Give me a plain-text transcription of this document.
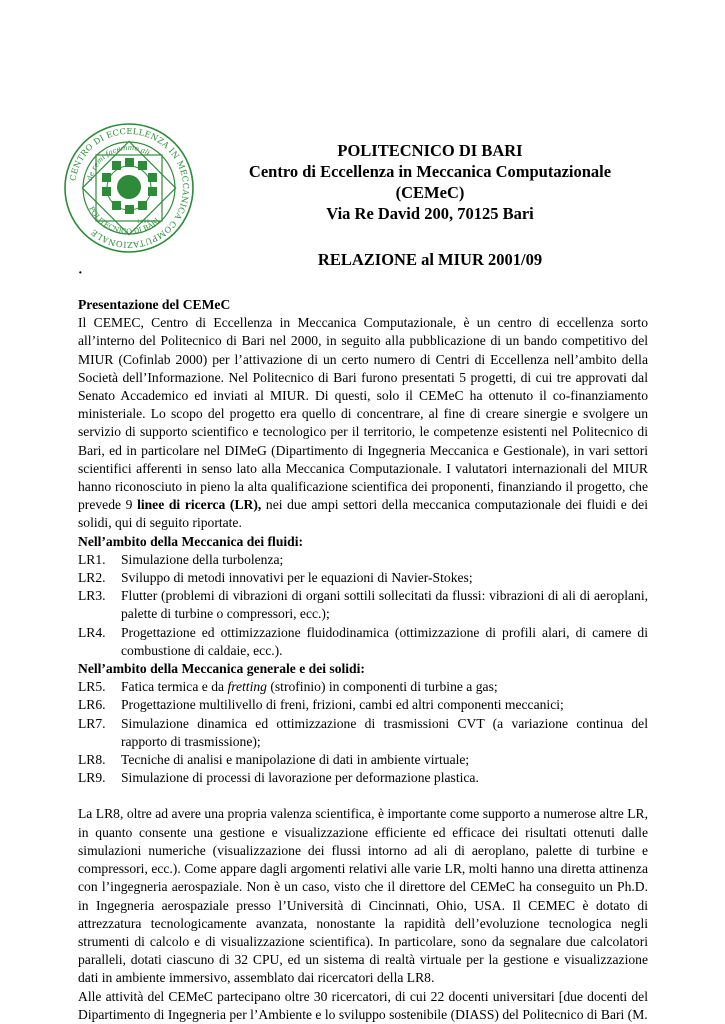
CENTRO DI ECCELLENZA IN MECCANICA COMPUTAZIONALE
de remi facemmo ali
POLITECNICO DI BARI
1999
POLITECNICO DI BARI
Centro di Eccellenza in Meccanica Computazionale
(CEMeC)
Via Re David 200, 70125 Bari
RELAZIONE al MIUR 2001/09
·

Presentazione del CEMeC

Il CEMEC, Centro di Eccellenza in Meccanica Computazionale, è un centro di eccellenza sorto all’interno del Politecnico di Bari nel 2000, in seguito alla pubblicazione di un bando competitivo del MIUR (Cofinlab 2000) per l’attivazione di un certo numero di Centri di Eccellenza nell’ambito della Società dell’Informazione. Nel Politecnico di Bari furono presentati 5 progetti, di cui tre approvati dal Senato Accademico ed inviati al MIUR. Di questi, solo il CEMeC ha ottenuto il co-finanziamento ministeriale. Lo scopo del progetto era quello di concentrare, al fine di creare sinergie e svolgere un servizio di supporto scientifico e tecnologico per il territorio, le competenze esistenti nel Politecnico di Bari, ed in particolare nel DIMeG (Dipartimento di Ingegneria Meccanica e Gestionale), in vari settori scientifici afferenti in senso lato alla Meccanica Computazionale. I valutatori internazionali del MIUR hanno riconosciuto in pieno la alta qualificazione scientifica dei proponenti, finanziando il progetto, che prevede 9 linee di ricerca (LR), nei due ampi settori della meccanica computazionale dei fluidi e dei solidi, qui di seguito riportate.

Nell’ambito della Meccanica dei fluidi:

LR1.	Simulazione della turbolenza;
LR2.	Sviluppo di metodi innovativi per le equazioni di Navier-Stokes;
LR3.	Flutter (problemi di vibrazioni di organi sottili sollecitati da flussi: vibrazioni di ali di aeroplani, palette di turbine o compressori, ecc.);
LR4.	Progettazione ed ottimizzazione fluidodinamica (ottimizzazione di profili alari, di camere di combustione di caldaie, ecc.).

Nell’ambito della Meccanica generale e dei solidi:

LR5.	Fatica termica e da fretting (strofinio) in componenti di turbine a gas;
LR6.	Progettazione multilivello di freni, frizioni, cambi ed altri componenti meccanici;
LR7.	Simulazione dinamica ed ottimizzazione di trasmissioni CVT (a variazione continua del rapporto di trasmissione);
LR8.	Tecniche di analisi e manipolazione di dati in ambiente virtuale;
LR9.	Simulazione di processi di lavorazione per deformazione plastica.

La LR8, oltre ad avere una propria valenza scientifica, è importante come supporto a numerose altre LR, in quanto consente una gestione e visualizzazione efficiente ed efficace dei risultati ottenuti dalle simulazioni numeriche (visualizzazione dei flussi intorno ad ali di aeroplano, palette di turbine e compressori, ecc.). Come appare dagli argomenti relativi alle varie LR, molti hanno una diretta attinenza con l’ingegneria aerospaziale. Non è un caso, visto che il direttore del CEMeC ha conseguito un Ph.D. in Ingegneria aerospaziale presso l’Università di Cincinnati, Ohio, USA. Il CEMEC è dotato di attrezzatura tecnologicamente avanzata, nonostante la rapidità dell’evoluzione tecnologica negli strumenti di calcolo e di visualizzazione scientifica). In particolare, sono da segnalare due calcolatori paralleli, dotati ciascuno di 32 CPU, ed un sistema di realtà virtuale per la gestione e visualizzazione dati in ambiente immersivo, assemblato dai ricercatori della LR8.

Alle attività del CEMeC partecipano oltre 30 ricercatori, di cui 22 docenti universitari [due docenti del Dipartimento di Ingegneria per l’Ambiente e lo sviluppo sostenibile (DIASS) del Politecnico di Bari (M.
